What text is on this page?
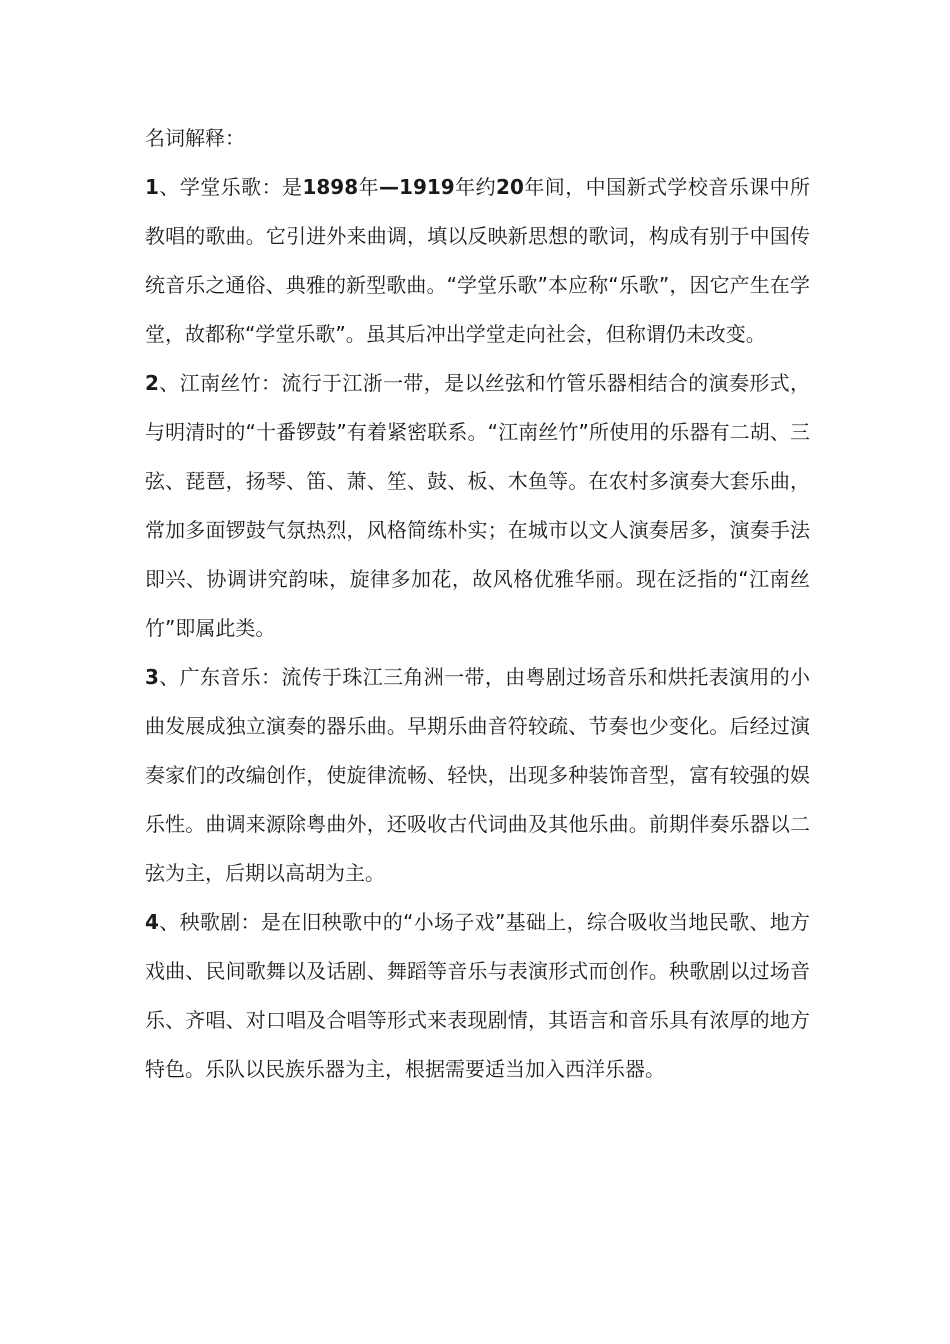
名词解释：

1、学堂乐歌：是1898年—1919年约20年间，中国新式学校音乐课中所教唱的歌曲。它引进外来曲调，填以反映新思想的歌词，构成有别于中国传统音乐之通俗、典雅的新型歌曲。“学堂乐歌”本应称“乐歌”，因它产生在学堂，故都称“学堂乐歌”。虽其后冲出学堂走向社会，但称谓仍未改变。

2、江南丝竹：流行于江浙一带，是以丝弦和竹管乐器相结合的演奏形式，与明清时的“十番锣鼓”有着紧密联系。“江南丝竹”所使用的乐器有二胡、三弦、琵琶，扬琴、笛、萧、笙、鼓、板、木鱼等。在农村多演奏大套乐曲，常加多面锣鼓气氛热烈，风格简练朴实；在城市以文人演奏居多，演奏手法即兴、协调讲究韵味，旋律多加花，故风格优雅华丽。现在泛指的“江南丝竹”即属此类。

3、广东音乐：流传于珠江三角洲一带，由粤剧过场音乐和烘托表演用的小曲发展成独立演奏的器乐曲。早期乐曲音符较疏、节奏也少变化。后经过演奏家们的改编创作，使旋律流畅、轻快，出现多种装饰音型，富有较强的娱乐性。曲调来源除粤曲外，还吸收古代词曲及其他乐曲。前期伴奏乐器以二弦为主，后期以高胡为主。

4、秧歌剧：是在旧秧歌中的“小场子戏”基础上，综合吸收当地民歌、地方戏曲、民间歌舞以及话剧、舞蹈等音乐与表演形式而创作。秧歌剧以过场音乐、齐唱、对口唱及合唱等形式来表现剧情，其语言和音乐具有浓厚的地方特色。乐队以民族乐器为主，根据需要适当加入西洋乐器。
